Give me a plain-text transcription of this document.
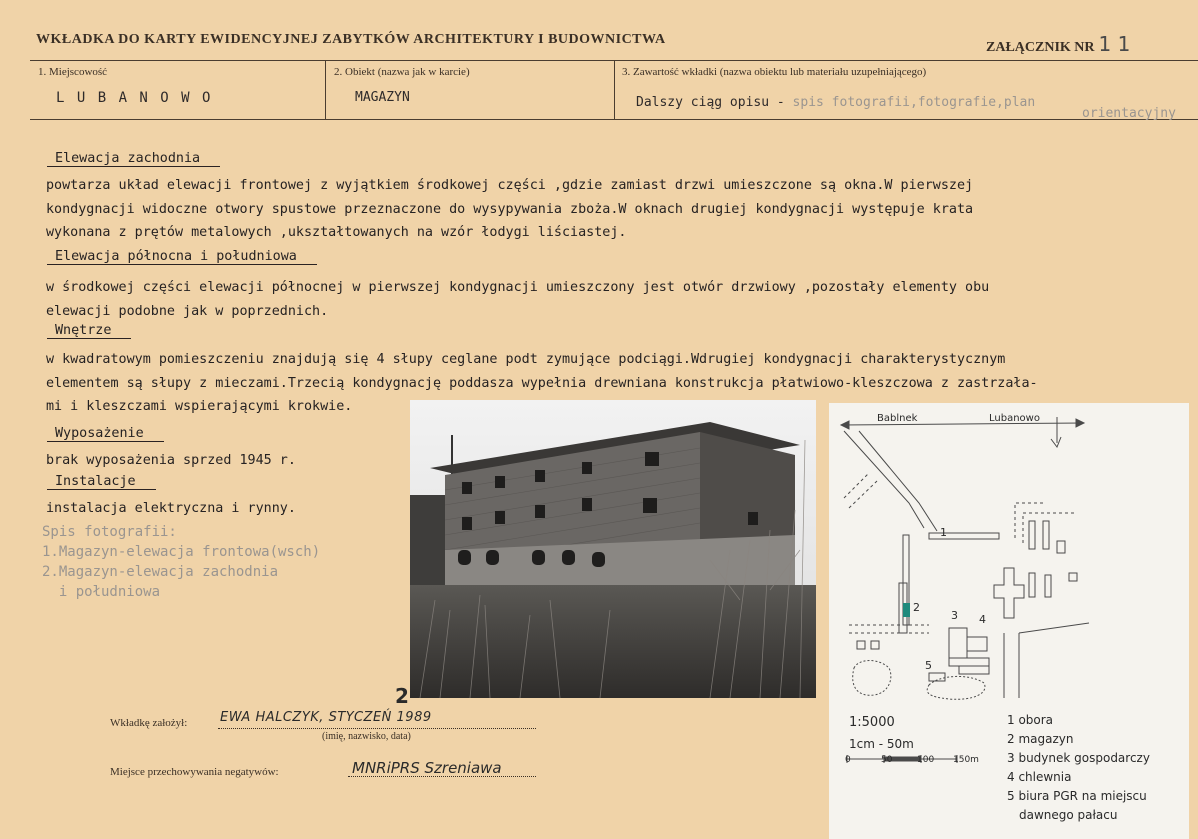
WKŁADKA DO KARTY EWIDENCYJNEJ ZABYTKÓW ARCHITEKTURY I BUDOWNICTWA
ZAŁĄCZNIK NR 1 1
1. Miejscowość
L U B A N O W O
2. Obiekt (nazwa jak w karcie)
MAGAZYN
3. Zawartość wkładki (nazwa obiektu lub materiału uzupełniającego)
Dalszy ciąg opisu - spis fotografii,fotografie,plan
orientacyjny
Elewacja zachodnia
powtarza układ elewacji frontowej z wyjątkiem środkowej części ,gdzie zamiast drzwi umieszczone są okna.W pierwszej
kondygnacji widoczne otwory spustowe przeznaczone do wysypywania zboża.W oknach drugiej kondygnacji występuje krata
wykonana z prętów metalowych ,ukształtowanych na wzór łodygi liściastej.
Elewacja północna i południowa
w środkowej części elewacji północnej w pierwszej kondygnacji umieszczony jest otwór drzwiowy ,pozostały elementy obu
elewacji podobne jak w poprzednich.
Wnętrze
w kwadratowym pomieszczeniu znajdują się 4 słupy ceglane podt zymujące podciągi.Wdrugiej kondygnacji charakterystycznym
elementem są słupy z mieczami.Trzecią kondygnację poddasza wypełnia drewniana konstrukcja płatwiowo-kleszczowa z zastrzała-
mi i kleszczami wspierającymi krokwie.
Wyposażenie
brak wyposażenia sprzed 1945 r.
Instalacje
instalacja elektryczna i rynny.
Spis fotografii:
1.Magazyn-elewacja frontowa(wsch)
2.Magazyn-elewacja zachodnia
i południowa
Wkładkę założył:	EWA HALCZYK, STYCZEŃ 1989
2
(imię, nazwisko, data)
Miejsce przechowywania negatywów:	MNRiPRS Szreniawa
Bablnek	Lubanowo
1
2
3 4
5
1:5000
1cm - 50m
0	50	100 150m
1 obora
2 magazyn
3 budynek gospodarczy
4 chlewnia
5 biura PGR na miejscu
dawnego pałacu
